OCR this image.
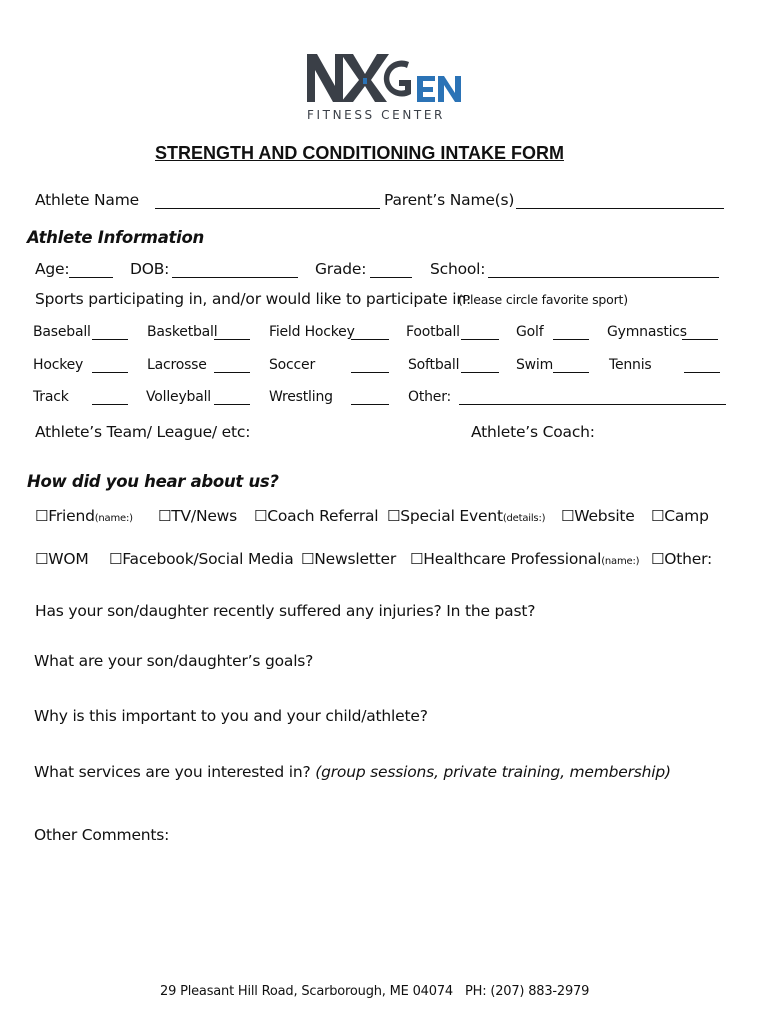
FITNESS CENTER
STRENGTH AND CONDITIONING INTAKE FORM
Athlete Name	Parent’s Name(s)
Athlete Information
Age:	DOB:	Grade:	School:
Sports participating in, and/or would like to participate in:
(Please circle favorite sport)
Baseball	Basketball	Field Hockey	Football	Golf	Gymnastics
Hockey	Lacrosse	Soccer	Softball	Swim	Tennis
Track	Volleyball	Wrestling	Other:
Athlete’s Team/ League/ etc:	Athlete’s Coach:
How did you hear about us?
☐Friend(name:) ☐TV/News ☐Coach Referral ☐Special Event(details:) ☐Website ☐Camp
☐WOM ☐Facebook/Social Media ☐Newsletter ☐Healthcare Professional(name:) ☐Other:
Has your son/daughter recently suffered any injuries? In the past?
What are your son/daughter’s goals?
Why is this important to you and your child/athlete?
What services are you interested in? (group sessions, private training, membership)
Other Comments:
29 Pleasant Hill Road, Scarborough, ME 04074 PH: (207) 883-2979
